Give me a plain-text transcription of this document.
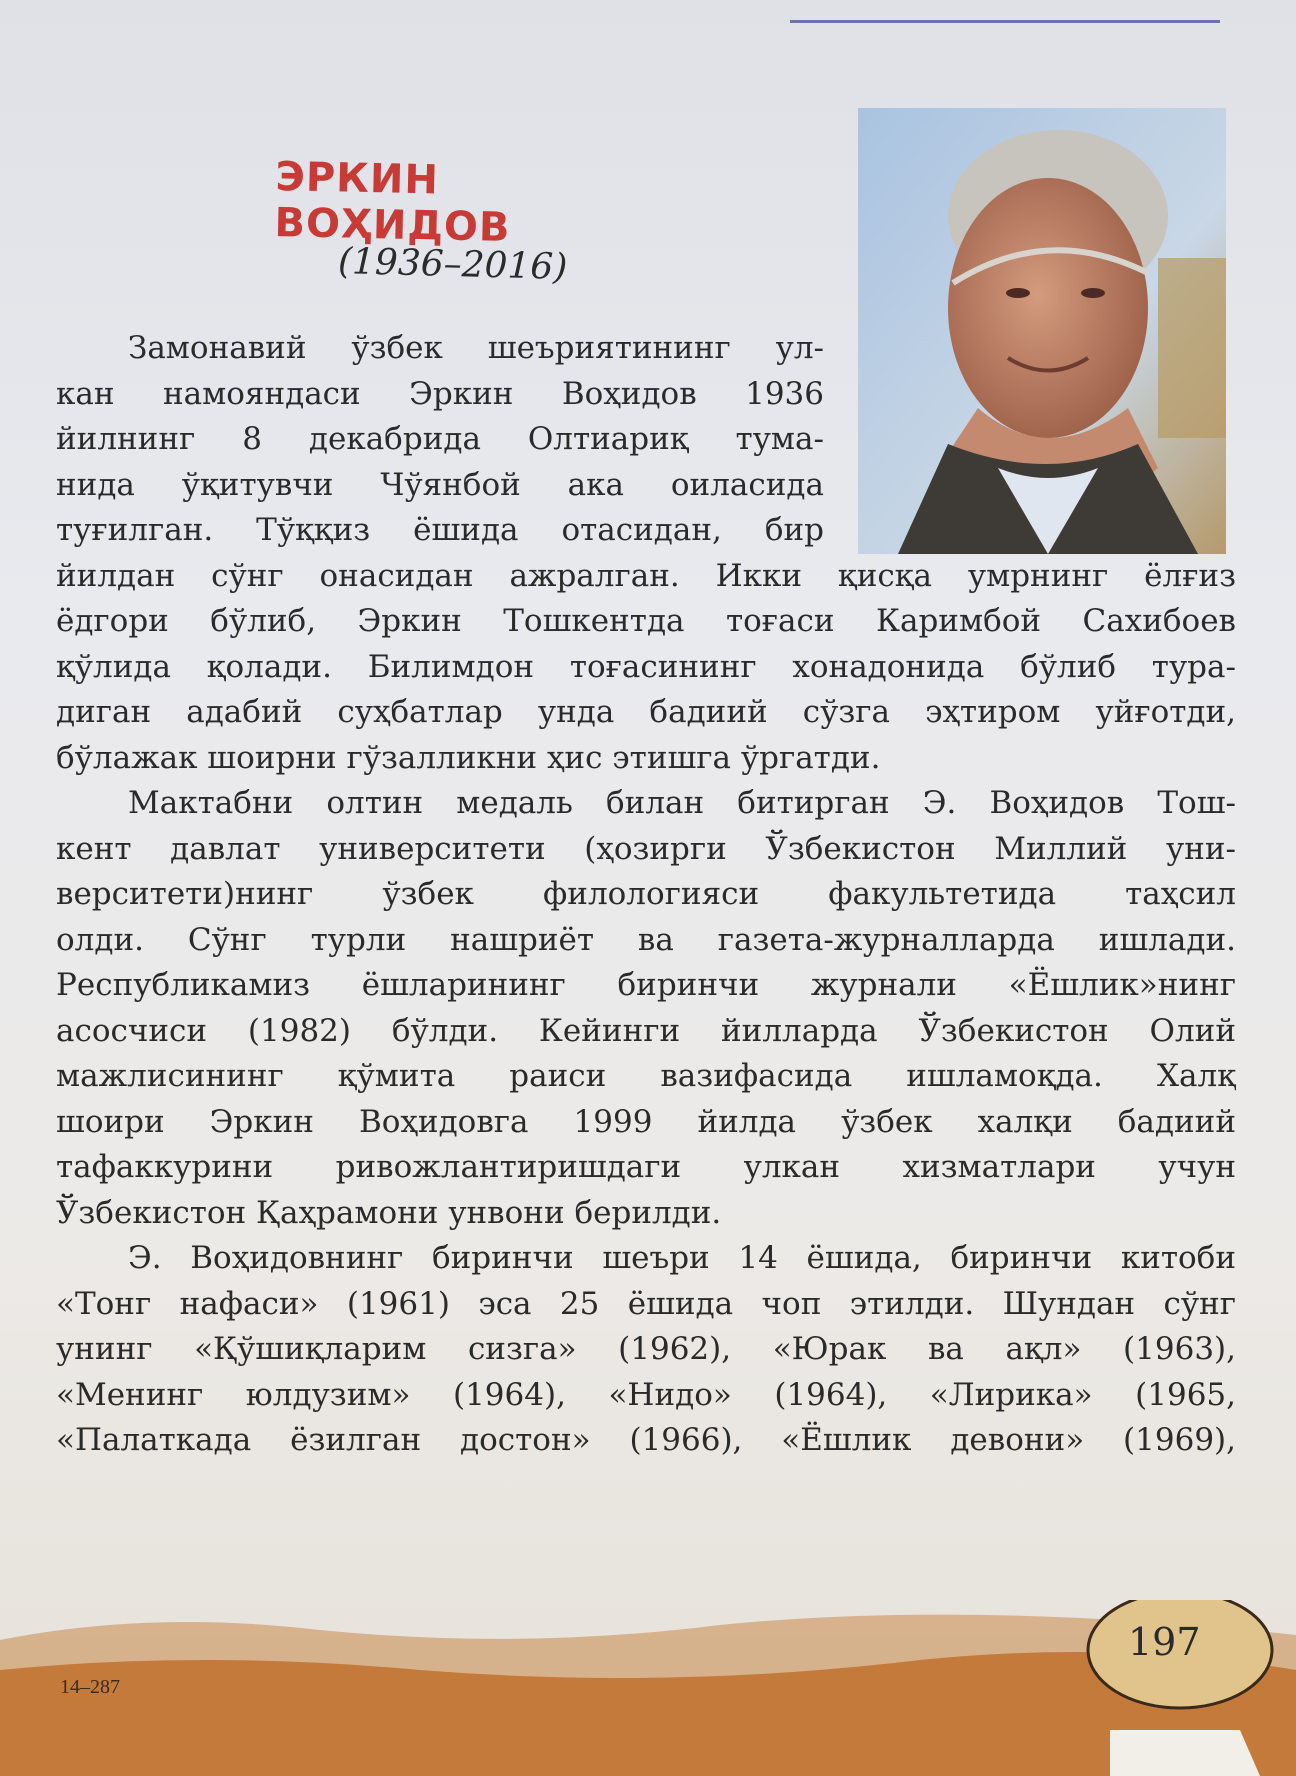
ЭРКИН ВОҲИДОВ
(1936–2016)
Замонавий ўзбек шеъриятининг ул-
кан намояндаси Эркин Воҳидов 1936
йилнинг 8 декабрида Олтиариқ тума-
нида ўқитувчи Чўянбой ака оиласида
туғилган. Тўққиз ёшида отасидан, бир
йилдан сўнг онасидан ажралган. Икки қисқа умрнинг ёлғиз
ёдгори бўлиб, Эркин Тошкентда тоғаси Каримбой Сахибоев
қўлида қолади. Билимдон тоғасининг хонадонида бўлиб тура-
диган адабий суҳбатлар унда бадиий сўзга эҳтиром уйғотди,
бўлажак шоирни гўзалликни ҳис этишга ўргатди.
Мактабни олтин медаль билан битирган Э. Воҳидов Тош-
кент давлат университети (ҳозирги Ўзбекистон Миллий уни-
верситети)нинг ўзбек филологияси факультетида таҳсил
олди. Сўнг турли нашриёт ва газета-журналларда ишлади.
Республикамиз ёшларининг биринчи журнали «Ёшлик»нинг
асосчиси (1982) бўлди. Кейинги йилларда Ўзбекистон Олий
мажлисининг қўмита раиси вазифасида ишламоқда. Халқ
шоири Эркин Воҳидовга 1999 йилда ўзбек халқи бадиий
тафаккурини ривожлантиришдаги улкан хизматлари учун
Ўзбекистон Қаҳрамони унвони берилди.
Э. Воҳидовнинг биринчи шеъри 14 ёшида, биринчи китоби
«Тонг нафаси» (1961) эса 25 ёшида чоп этилди. Шундан сўнг
унинг «Қўшиқларим сизга» (1962), «Юрак ва ақл» (1963),
«Менинг юлдузим» (1964), «Нидо» (1964), «Лирика» (1965,
«Палаткада ёзилган достон» (1966), «Ёшлик девони» (1969),
197
14–287
